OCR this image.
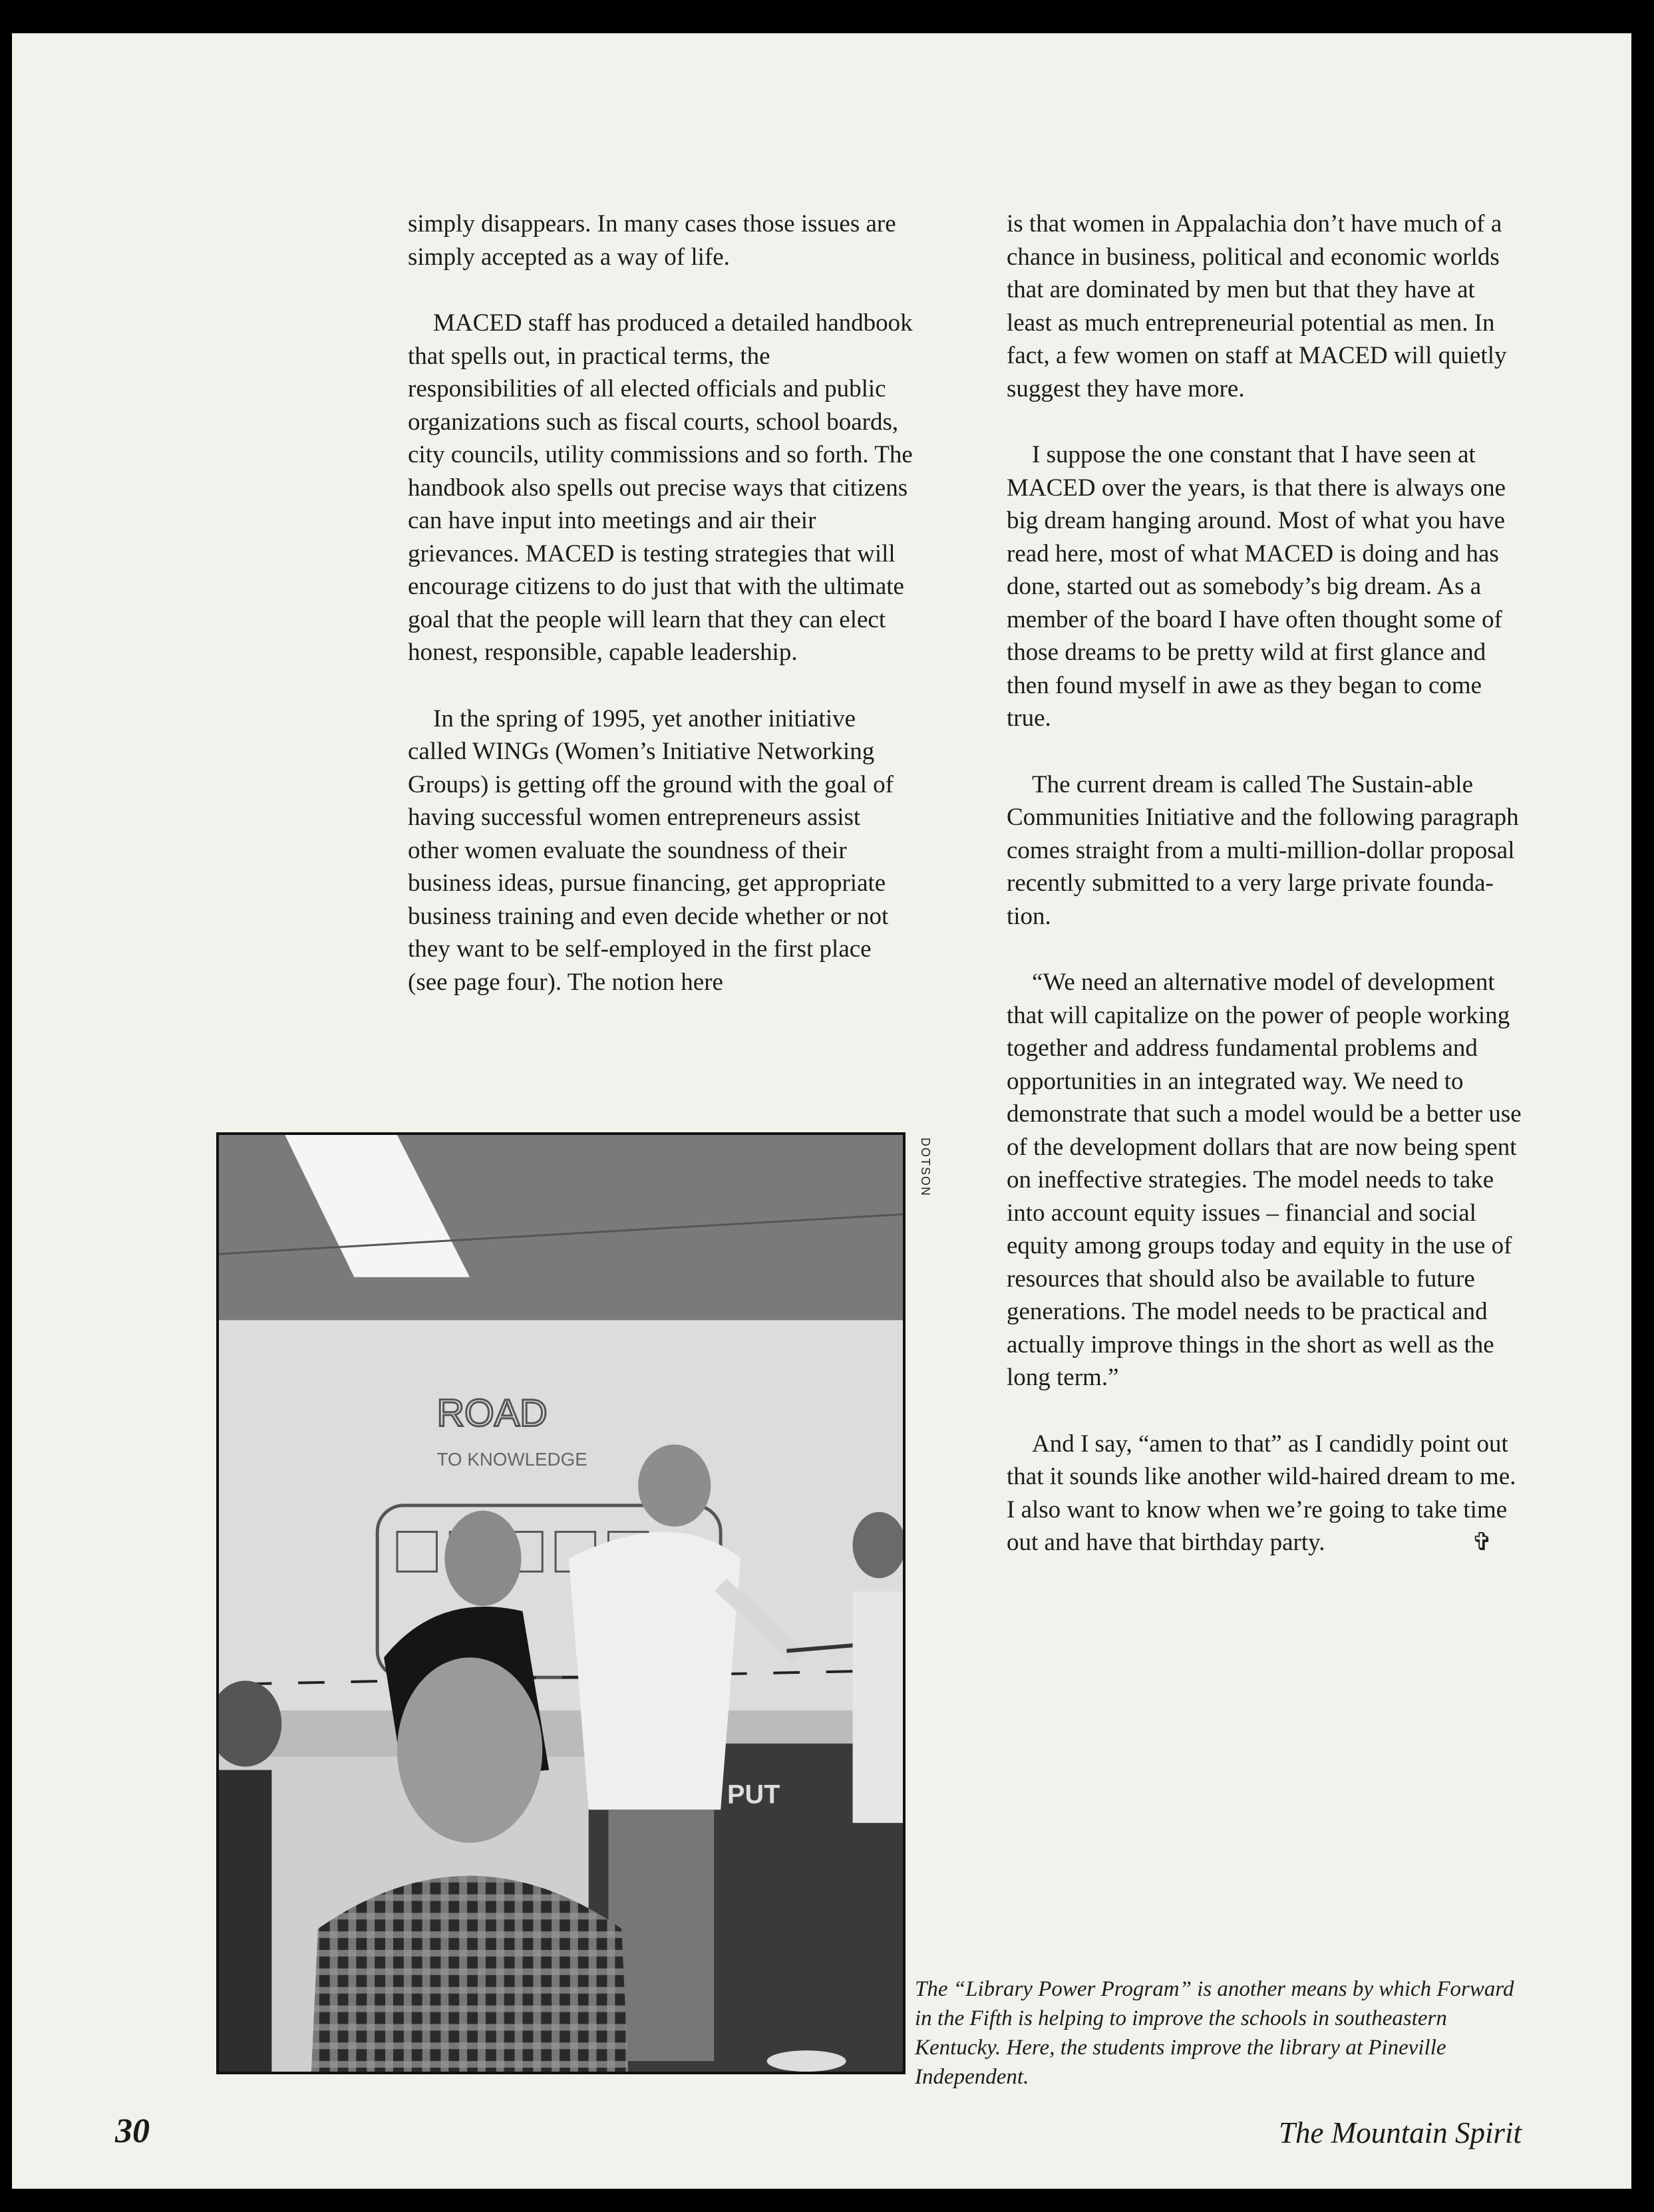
simply disappears. In many cases those issues are simply accepted as a way of life.

MACED staff has produced a detailed handbook that spells out, in practical terms, the responsibilities of all elected officials and public organizations such as fiscal courts, school boards, city councils, utility commissions and so forth. The handbook also spells out precise ways that citizens can have input into meetings and air their grievances. MACED is testing strategies that will encourage citizens to do just that with the ultimate goal that the people will learn that they can elect honest, responsible, capable leadership.

In the spring of 1995, yet another initiative called WINGs (Women’s Initiative Networking Groups) is getting off the ground with the goal of having successful women entrepreneurs assist other women evaluate the soundness of their business ideas, pursue financing, get appropriate business training and even decide whether or not they want to be self-employed in the first place (see page four). The notion here

is that women in Appalachia don’t have much of a chance in business, political and economic worlds that are dominated by men but that they have at least as much entrepreneurial potential as men. In fact, a few women on staff at MACED will quietly suggest they have more.

I suppose the one constant that I have seen at MACED over the years, is that there is always one big dream hanging around. Most of what you have read here, most of what MACED is doing and has done, started out as somebody’s big dream. As a member of the board I have often thought some of those dreams to be pretty wild at first glance and then found myself in awe as they began to come true.

The current dream is called The Sustain-able Communities Initiative and the following paragraph comes straight from a multi-million-dollar proposal recently submitted to a very large private founda-tion.

“We need an alternative model of development that will capitalize on the power of people working together and address fundamental problems and opportunities in an integrated way. We need to demonstrate that such a model would be a better use of the development dollars that are now being spent on ineffective strategies. The model needs to take into account equity issues – financial and social equity among groups today and equity in the use of resources that should also be available to future generations. The model needs to be practical and actually improve things in the short as well as the long term.”

And I say, “amen to that” as I candidly point out that it sounds like another wild-haired dream to me. I also want to know when we’re going to take time out and have that birthday party.	✞

ROAD
TO KNOWLEDGE
PUT
DOTSON
The “Library Power Program” is another means by which Forward in the Fifth is helping to improve the schools in southeastern Kentucky. Here, the students improve the library at Pineville Independent.
30	The Mountain Spirit
